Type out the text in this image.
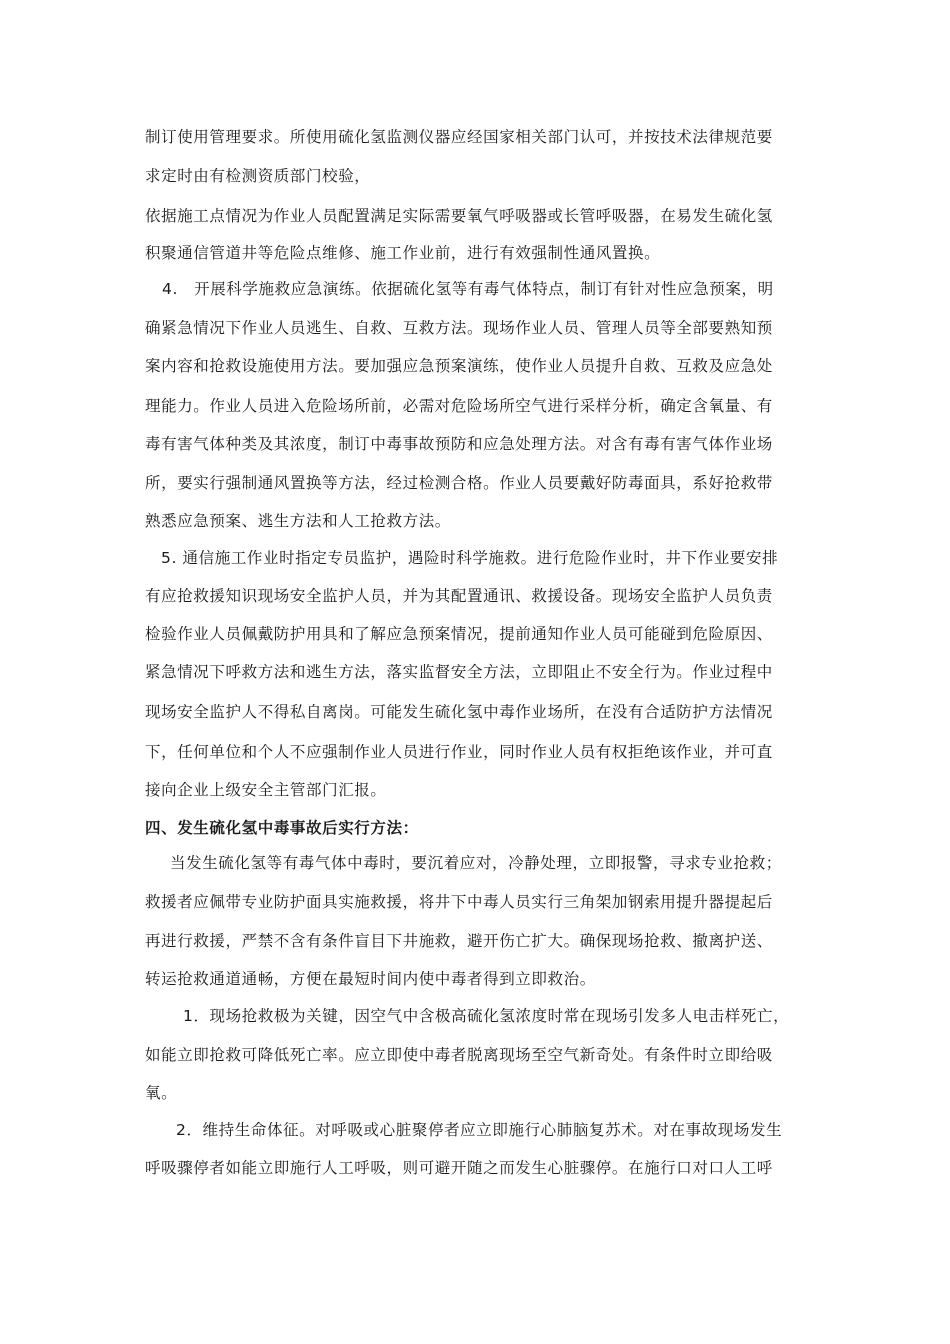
制订使用管理要求。所使用硫化氢监测仪器应经国家相关部门认可，并按技术法律规范要
求定时由有检测资质部门校验，
依据施工点情况为作业人员配置满足实际需要氧气呼吸器或长管呼吸器，在易发生硫化氢
积聚通信管道井等危险点维修、施工作业前，进行有效强制性通风置换。
4.　开展科学施救应急演练。依据硫化氢等有毒气体特点，制订有针对性应急预案，明
确紧急情况下作业人员逃生、自救、互救方法。现场作业人员、管理人员等全部要熟知预
案内容和抢救设施使用方法。要加强应急预案演练，使作业人员提升自救、互救及应急处
理能力。作业人员进入危险场所前，必需对危险场所空气进行采样分析，确定含氧量、有
毒有害气体种类及其浓度，制订中毒事故预防和应急处理方法。对含有毒有害气体作业场
所，要实行强制通风置换等方法，经过检测合格。作业人员要戴好防毒面具，系好抢救带
熟悉应急预案、逃生方法和人工抢救方法。
5. 通信施工作业时指定专员监护，遇险时科学施救。进行危险作业时，井下作业要安排
有应抢救援知识现场安全监护人员，并为其配置通讯、救援设备。现场安全监护人员负责
检验作业人员佩戴防护用具和了解应急预案情况，提前通知作业人员可能碰到危险原因、
紧急情况下呼救方法和逃生方法，落实监督安全方法，立即阻止不安全行为。作业过程中
现场安全监护人不得私自离岗。可能发生硫化氢中毒作业场所，在没有合适防护方法情况
下，任何单位和个人不应强制作业人员进行作业，同时作业人员有权拒绝该作业，并可直
接向企业上级安全主管部门汇报。
四、发生硫化氢中毒事故后实行方法：
当发生硫化氢等有毒气体中毒时，要沉着应对，冷静处理，立即报警，寻求专业抢救；
救援者应佩带专业防护面具实施救援，将井下中毒人员实行三角架加钢索用提升器提起后
再进行救援，严禁不含有条件盲目下井施救，避开伤亡扩大。确保现场抢救、撤离护送、
转运抢救通道通畅，方便在最短时间内使中毒者得到立即救治。
1．现场抢救极为关键，因空气中含极高硫化氢浓度时常在现场引发多人电击样死亡，
如能立即抢救可降低死亡率。应立即使中毒者脱离现场至空气新奇处。有条件时立即给吸
氧。
2．维持生命体征。对呼吸或心脏聚停者应立即施行心肺脑复苏术。对在事故现场发生
呼吸骤停者如能立即施行人工呼吸，则可避开随之而发生心脏骤停。在施行口对口人工呼
